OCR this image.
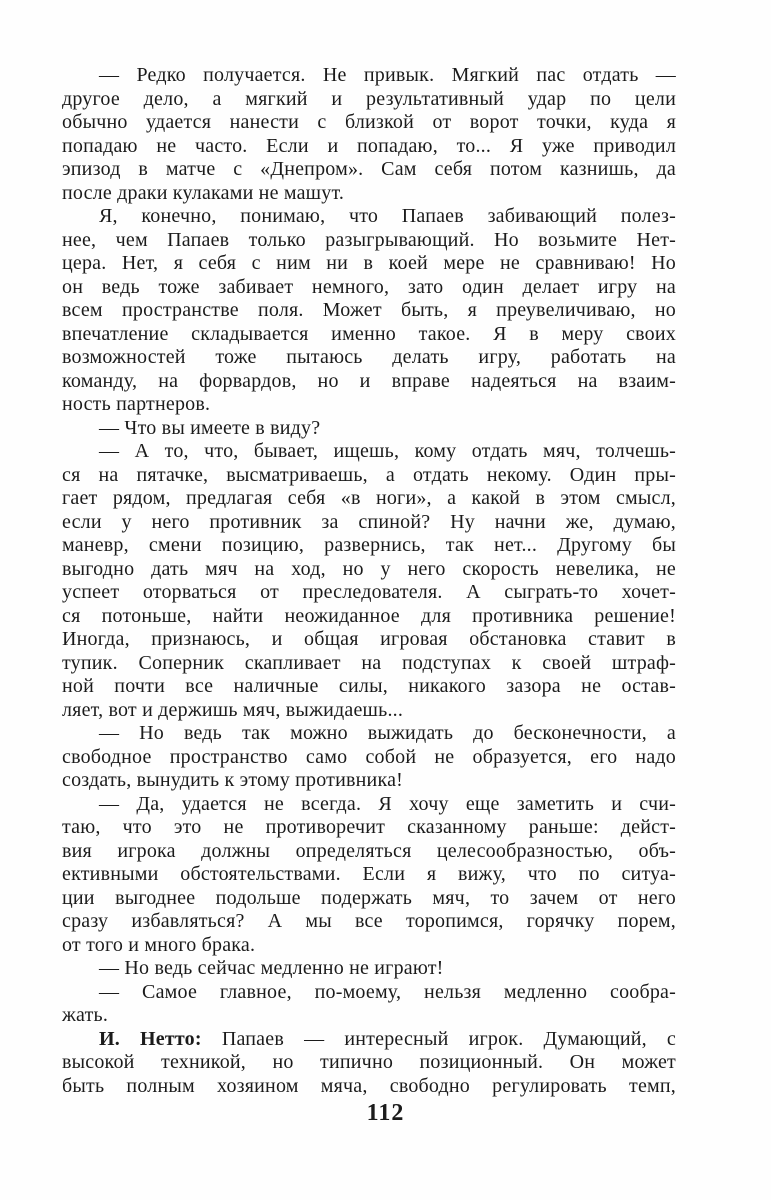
— Редко получается. Не привык. Мягкий пас отдать —
другое дело, а мягкий и результативный удар по цели
обычно удается нанести с близкой от ворот точки, куда я
попадаю не часто. Если и попадаю, то... Я уже приводил
эпизод в матче с «Днепром». Сам себя потом казнишь, да
после драки кулаками не машут.
Я, конечно, понимаю, что Папаев забивающий полез-
нее, чем Папаев только разыгрывающий. Но возьмите Нет-
цера. Нет, я себя с ним ни в коей мере не сравниваю! Но
он ведь тоже забивает немного, зато один делает игру на
всем пространстве поля. Может быть, я преувеличиваю, но
впечатление складывается именно такое. Я в меру своих
возможностей тоже пытаюсь делать игру, работать на
команду, на форвардов, но и вправе надеяться на взаим-
ность партнеров.
— Что вы имеете в виду?
— А то, что, бывает, ищешь, кому отдать мяч, толчешь-
ся на пятачке, высматриваешь, а отдать некому. Один пры-
гает рядом, предлагая себя «в ноги», а какой в этом смысл,
если у него противник за спиной? Ну начни же, думаю,
маневр, смени позицию, развернись, так нет... Другому бы
выгодно дать мяч на ход, но у него скорость невелика, не
успеет оторваться от преследователя. А сыграть-то хочет-
ся потоньше, найти неожиданное для противника решение!
Иногда, признаюсь, и общая игровая обстановка ставит в
тупик. Соперник скапливает на подступах к своей штраф-
ной почти все наличные силы, никакого зазора не остав-
ляет, вот и держишь мяч, выжидаешь...
— Но ведь так можно выжидать до бесконечности, а
свободное пространство само собой не образуется, его надо
создать, вынудить к этому противника!
— Да, удается не всегда. Я хочу еще заметить и счи-
таю, что это не противоречит сказанному раньше: дейст-
вия игрока должны определяться целесообразностью, объ-
ективными обстоятельствами. Если я вижу, что по ситуа-
ции выгоднее подольше подержать мяч, то зачем от него
сразу избавляться? А мы все торопимся, горячку порем,
от того и много брака.
— Но ведь сейчас медленно не играют!
— Самое главное, по-моему, нельзя медленно сообра-
жать.
И. Нетто: Папаев — интересный игрок. Думающий, с
высокой техникой, но типично позиционный. Он может
быть полным хозяином мяча, свободно регулировать темп,
112
